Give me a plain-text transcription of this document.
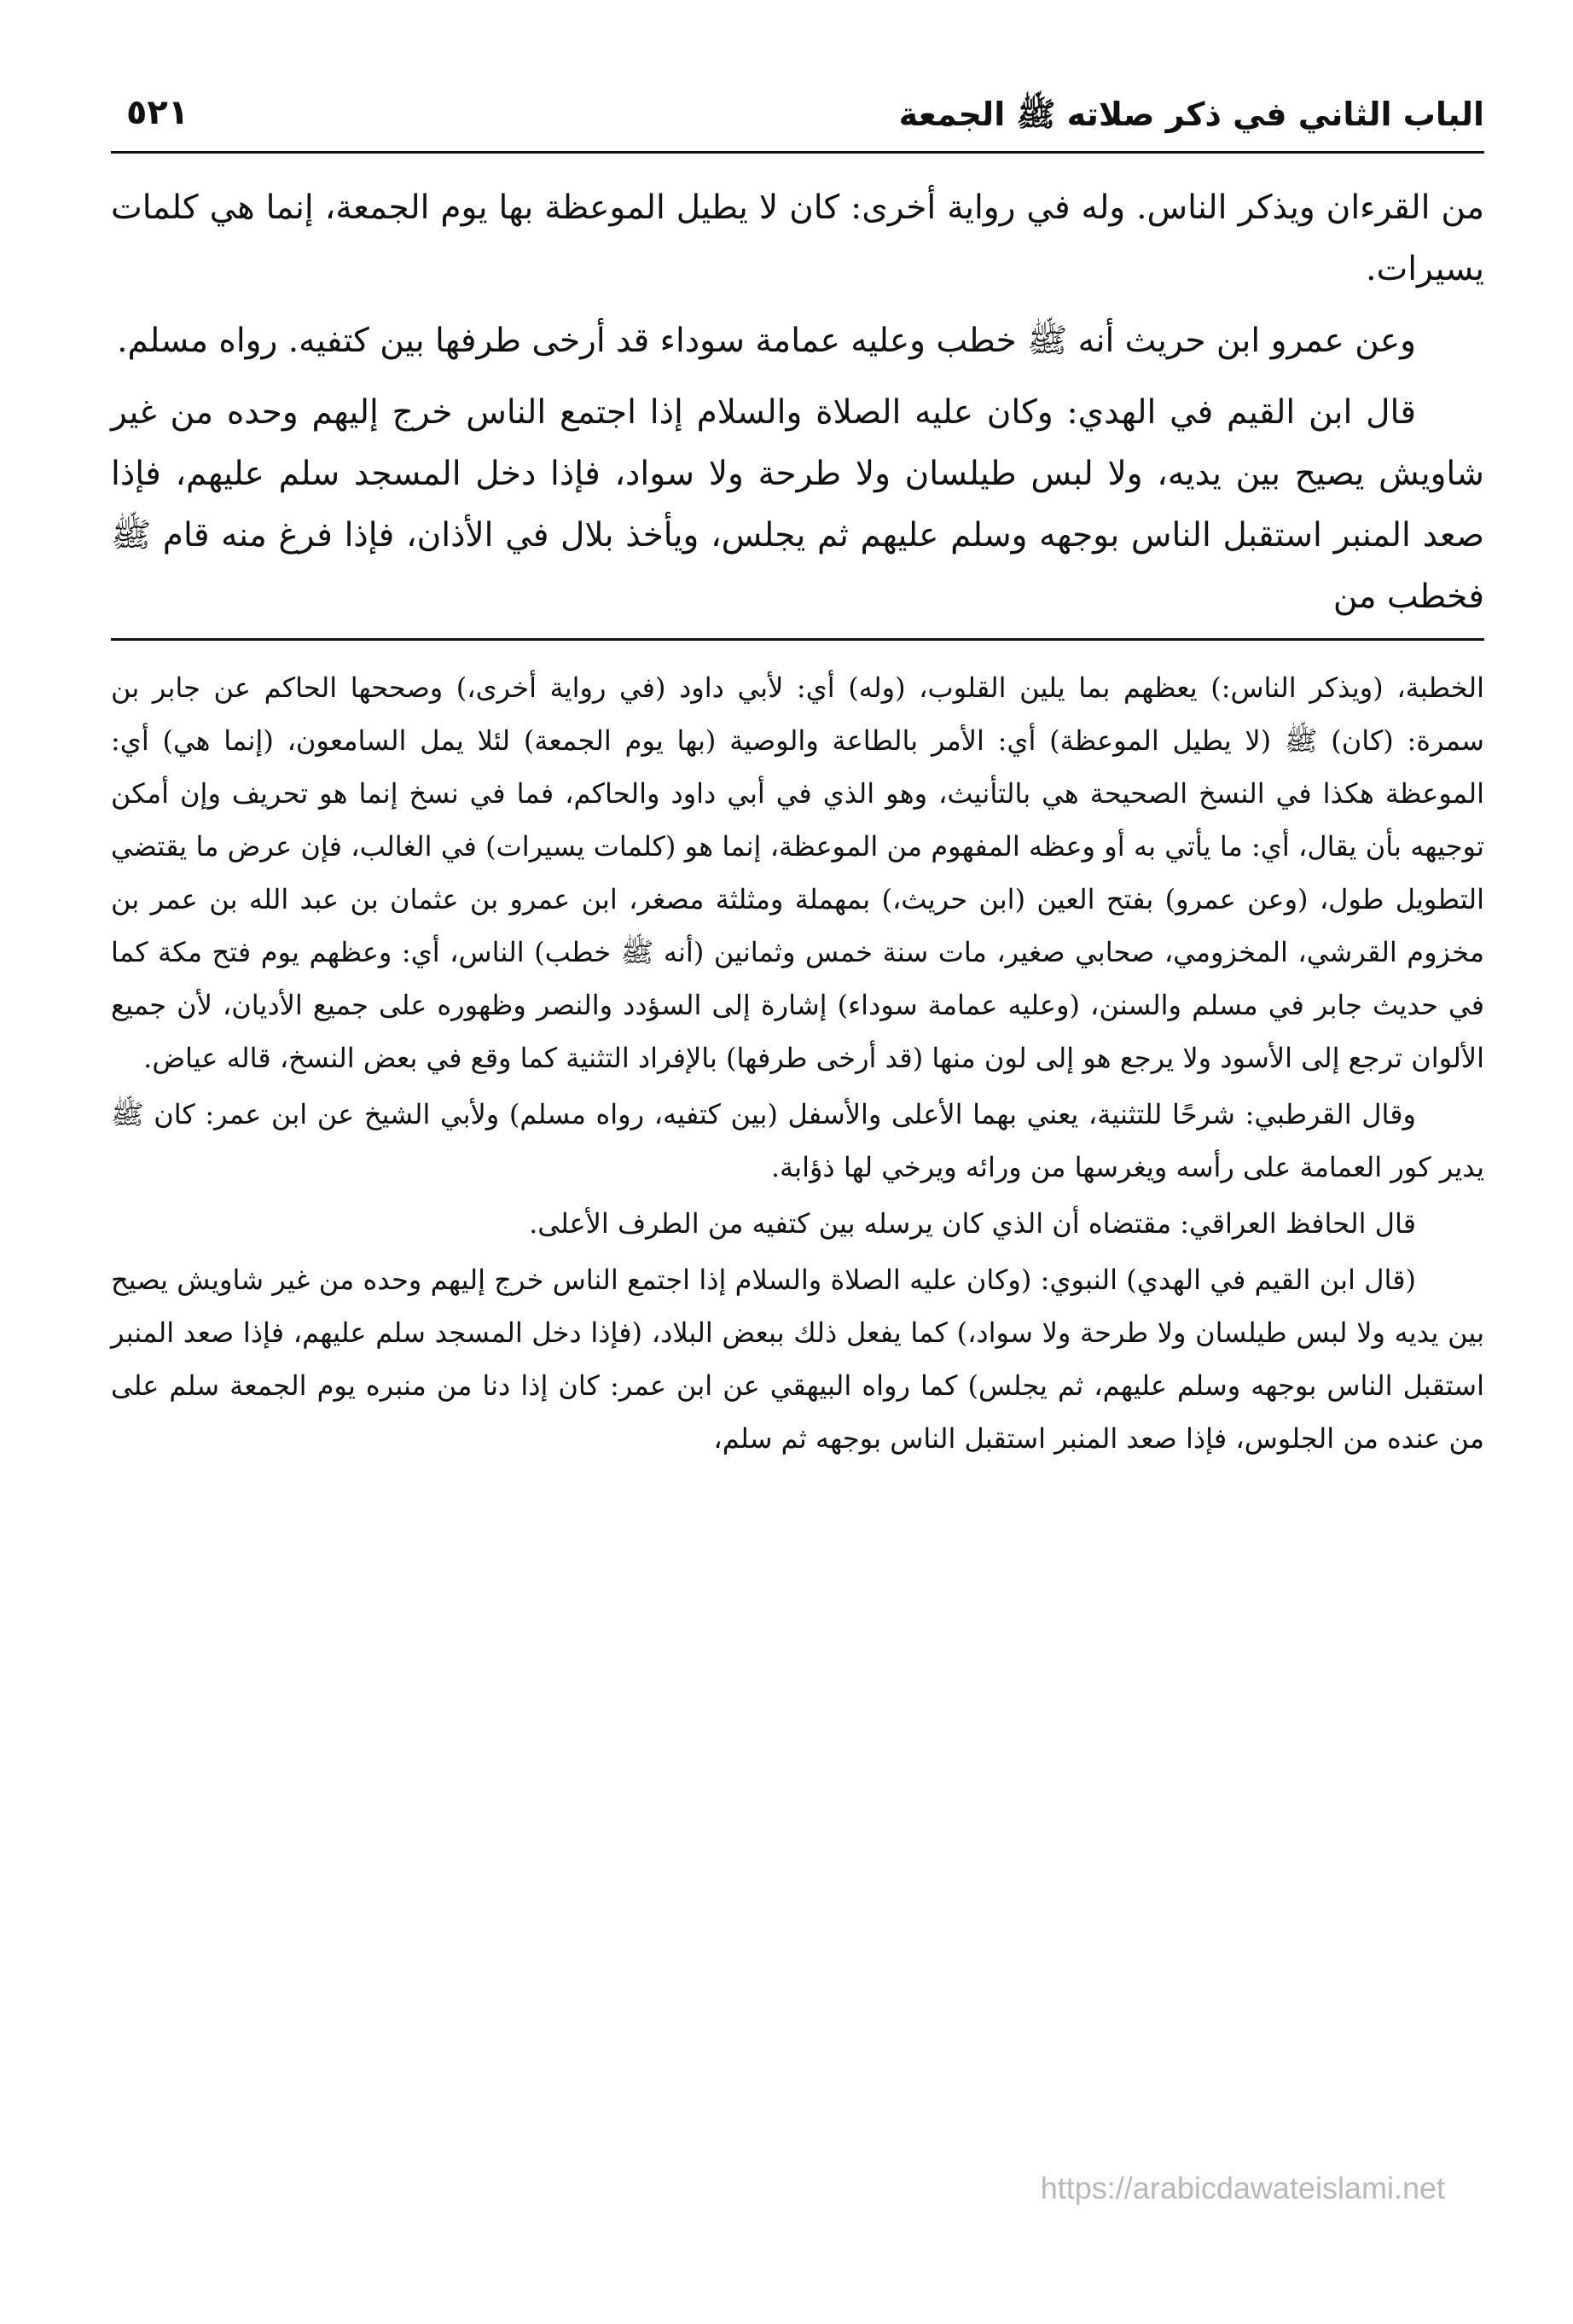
الباب الثاني في ذكر صلاته ﷺ الجمعة
٥٢١

من القرءان ويذكر الناس. وله في رواية أخرى: كان لا يطيل الموعظة بها يوم الجمعة، إنما هي كلمات يسيرات.

وعن عمرو ابن حريث أنه ﷺ خطب وعليه عمامة سوداء قد أرخى طرفها بين كتفيه. رواه مسلم.

قال ابن القيم في الهدي: وكان عليه الصلاة والسلام إذا اجتمع الناس خرج إليهم وحده من غير شاويش يصيح بين يديه، ولا لبس طيلسان ولا طرحة ولا سواد، فإذا دخل المسجد سلم عليهم، فإذا صعد المنبر استقبل الناس بوجهه وسلم عليهم ثم يجلس، ويأخذ بلال في الأذان، فإذا فرغ منه قام ﷺ فخطب من

الخطبة، (ويذكر الناس:) يعظهم بما يلين القلوب، (وله) أي: لأبي داود (في رواية أخرى،) وصححها الحاكم عن جابر بن سمرة: (كان) ﷺ (لا يطيل الموعظة) أي: الأمر بالطاعة والوصية (بها يوم الجمعة) لئلا يمل السامعون، (إنما هي) أي: الموعظة هكذا في النسخ الصحيحة هي بالتأنيث، وهو الذي في أبي داود والحاكم، فما في نسخ إنما هو تحريف وإن أمكن توجيهه بأن يقال، أي: ما يأتي به أو وعظه المفهوم من الموعظة، إنما هو (كلمات يسيرات) في الغالب، فإن عرض ما يقتضي التطويل طول، (وعن عمرو) بفتح العين (ابن حريث،) بمهملة ومثلثة مصغر، ابن عمرو بن عثمان بن عبد الله بن عمر بن مخزوم القرشي، المخزومي، صحابي صغير، مات سنة خمس وثمانين (أنه ﷺ خطب) الناس، أي: وعظهم يوم فتح مكة كما في حديث جابر في مسلم والسنن، (وعليه عمامة سوداء) إشارة إلى السؤدد والنصر وظهوره على جميع الأديان، لأن جميع الألوان ترجع إلى الأسود ولا يرجع هو إلى لون منها (قد أرخى طرفها) بالإفراد التثنية كما وقع في بعض النسخ، قاله عياض.

وقال القرطبي: شرحًا للتثنية، يعني بهما الأعلى والأسفل (بين كتفيه، رواه مسلم) ولأبي الشيخ عن ابن عمر: كان ﷺ يدير كور العمامة على رأسه ويغرسها من ورائه ويرخي لها ذؤابة.

قال الحافظ العراقي: مقتضاه أن الذي كان يرسله بين كتفيه من الطرف الأعلى.

(قال ابن القيم في الهدي) النبوي: (وكان عليه الصلاة والسلام إذا اجتمع الناس خرج إليهم وحده من غير شاويش يصيح بين يديه ولا لبس طيلسان ولا طرحة ولا سواد،) كما يفعل ذلك ببعض البلاد، (فإذا دخل المسجد سلم عليهم، فإذا صعد المنبر استقبل الناس بوجهه وسلم عليهم، ثم يجلس) كما رواه البيهقي عن ابن عمر: كان إذا دنا من منبره يوم الجمعة سلم على من عنده من الجلوس، فإذا صعد المنبر استقبل الناس بوجهه ثم سلم،

https://arabicdawateislami.net
